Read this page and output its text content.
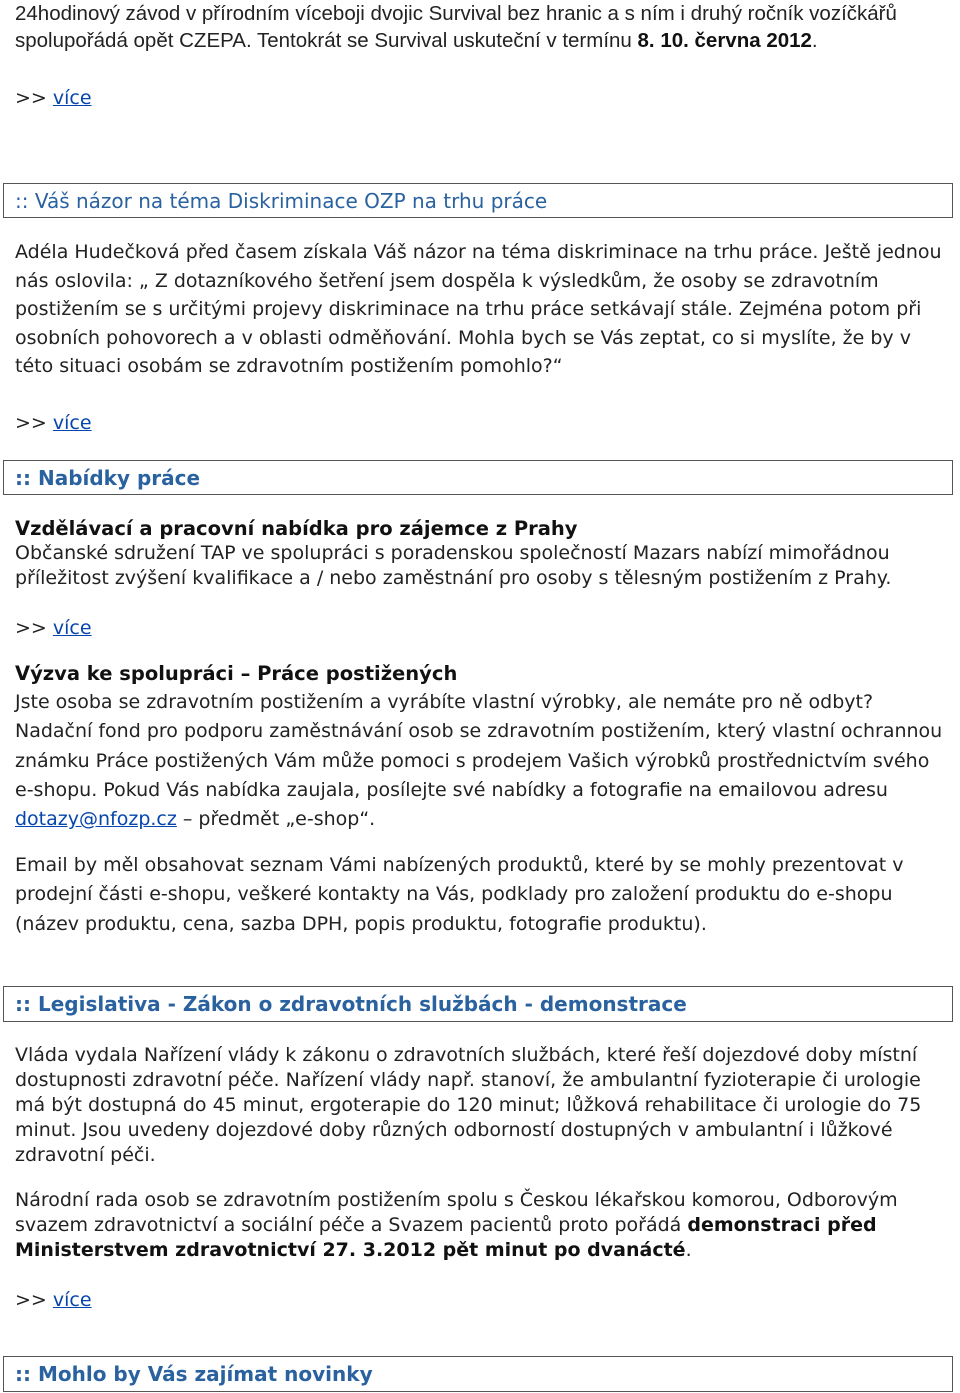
24hodinový závod v přírodním víceboji dvojic Survival bez hranic a s ním i druhý ročník vozíčkářů spolupořádá opět CZEPA. Tentokrát se Survival uskuteční v termínu 8. 10. června 2012.
>> více
:: Váš názor na téma Diskriminace OZP na trhu práce
Adéla Hudečková před časem získala Váš názor na téma diskriminace na trhu práce. Ještě jednou nás oslovila: „ Z dotazníkového šetření jsem dospěla k výsledkům, že osoby se zdravotním postižením se s určitými projevy diskriminace na trhu práce setkávají stále. Zejména potom při osobních pohovorech a v oblasti odměňování. Mohla bych se Vás zeptat, co si myslíte, že by v této situaci osobám se zdravotním postižením pomohlo?“
>> více
:: Nabídky práce
Vzdělávací a pracovní nabídka pro zájemce z Prahy
Občanské sdružení TAP ve spolupráci s poradenskou společností Mazars nabízí mimořádnou příležitost zvýšení kvalifikace a / nebo zaměstnání pro osoby s tělesným postižením z Prahy.
>> více
Výzva ke spolupráci – Práce postižených
Jste osoba se zdravotním postižením a vyrábíte vlastní výrobky, ale nemáte pro ně odbyt? Nadační fond pro podporu zaměstnávání osob se zdravotním postižením, který vlastní ochrannou známku Práce postižených Vám může pomoci s prodejem Vašich výrobků prostřednictvím svého e-shopu. Pokud Vás nabídka zaujala, posílejte své nabídky a fotografie na emailovou adresu dotazy@nfozp.cz – předmět „e-shop“.
Email by měl obsahovat seznam Vámi nabízených produktů, které by se mohly prezentovat v prodejní části e-shopu, veškeré kontakty na Vás, podklady pro založení produktu do e-shopu (název produktu, cena, sazba DPH, popis produktu, fotografie produktu).
:: Legislativa - Zákon o zdravotních službách - demonstrace
Vláda vydala Nařízení vlády k zákonu o zdravotních službách, které řeší dojezdové doby místní dostupnosti zdravotní péče. Nařízení vlády např. stanoví, že ambulantní fyzioterapie či urologie má být dostupná do 45 minut, ergoterapie do 120 minut; lůžková rehabilitace či urologie do 75 minut. Jsou uvedeny dojezdové doby různých odborností dostupných v ambulantní i lůžkové zdravotní péči.
Národní rada osob se zdravotním postižením spolu s Českou lékařskou komorou, Odborovým svazem zdravotnictví a sociální péče a Svazem pacientů proto pořádá demonstraci před Ministerstvem zdravotnictví 27. 3.2012 pět minut po dvanácté.
>> více
:: Mohlo by Vás zajímat novinky
